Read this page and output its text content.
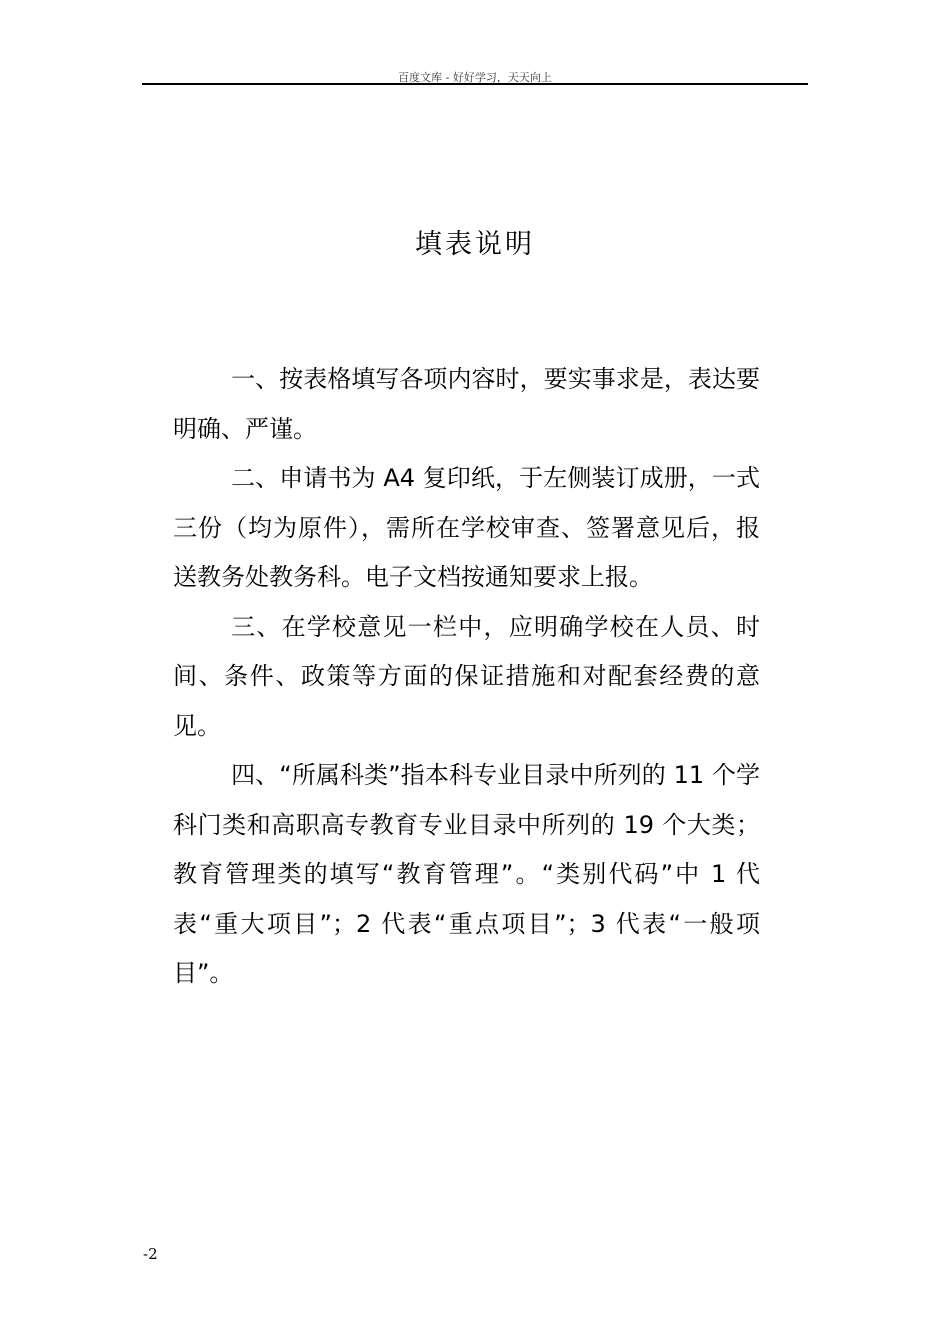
百度文库 - 好好学习，天天向上
填表说明

一、按表格填写各项内容时，要实事求是，表达要明确、严谨。

二、申请书为 A4 复印纸，于左侧装订成册，一式三份（均为原件），需所在学校审查、签署意见后，报送教务处教务科。电子文档按通知要求上报。

三、在学校意见一栏中，应明确学校在人员、时间、条件、政策等方面的保证措施和对配套经费的意见。

四、“所属科类”指本科专业目录中所列的 11 个学科门类和高职高专教育专业目录中所列的 19 个大类；教育管理类的填写“教育管理”。“类别代码”中 1 代表“重大项目”；2 代表“重点项目”；3 代表“一般项目”。

-2
